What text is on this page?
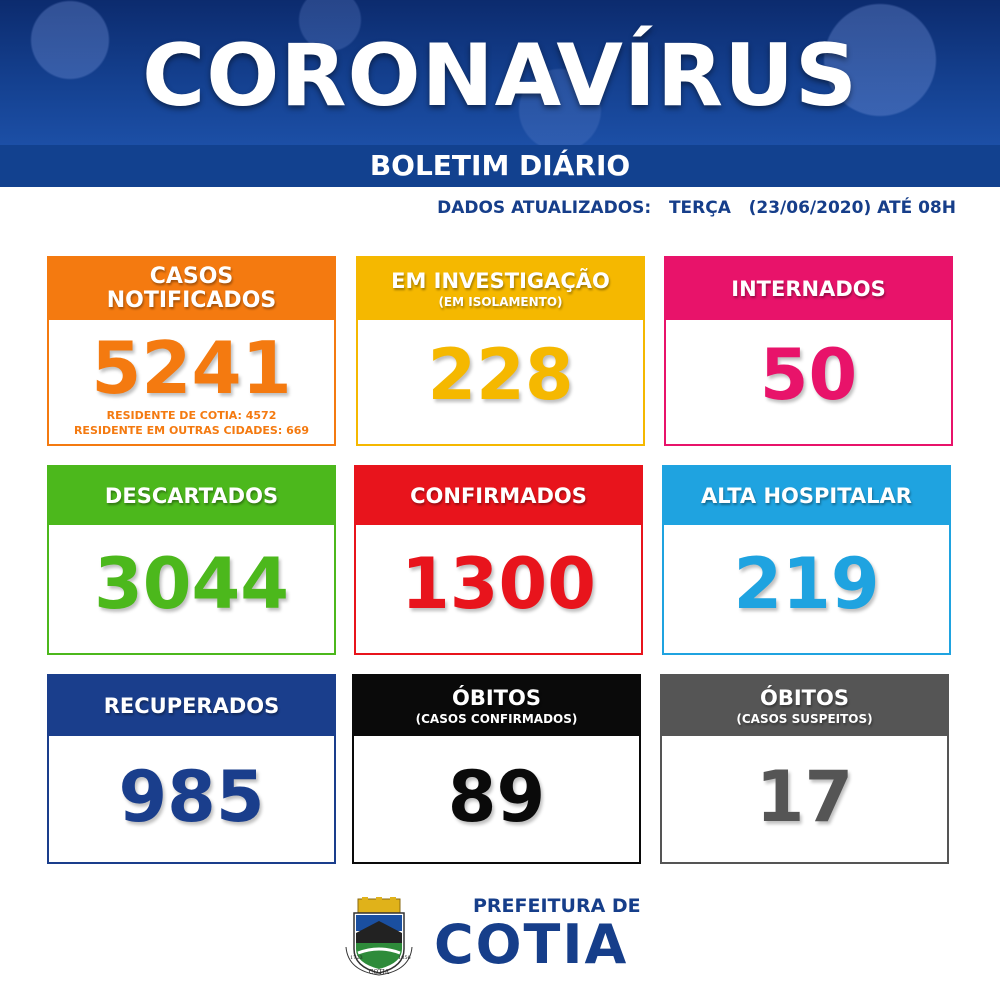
CORONAVÍRUS
BOLETIM DIÁRIO
DADOS ATUALIZADOS:   TERÇA   (23/06/2020) ATÉ 08H
CASOS NOTIFICADOS
5241
RESIDENTE DE COTIA: 4572
RESIDENTE EM OUTRAS CIDADES: 669
EM INVESTIGAÇÃO
(EM ISOLAMENTO)
228
INTERNADOS
50
DESCARTADOS
3044
CONFIRMADOS
1300
ALTA HOSPITALAR
219
RECUPERADOS
985
ÓBITOS
(CASOS CONFIRMADOS)
89
ÓBITOS
(CASOS SUSPEITOS)
17
COTIA
1723	1856
PREFEITURA DE
COTIA
